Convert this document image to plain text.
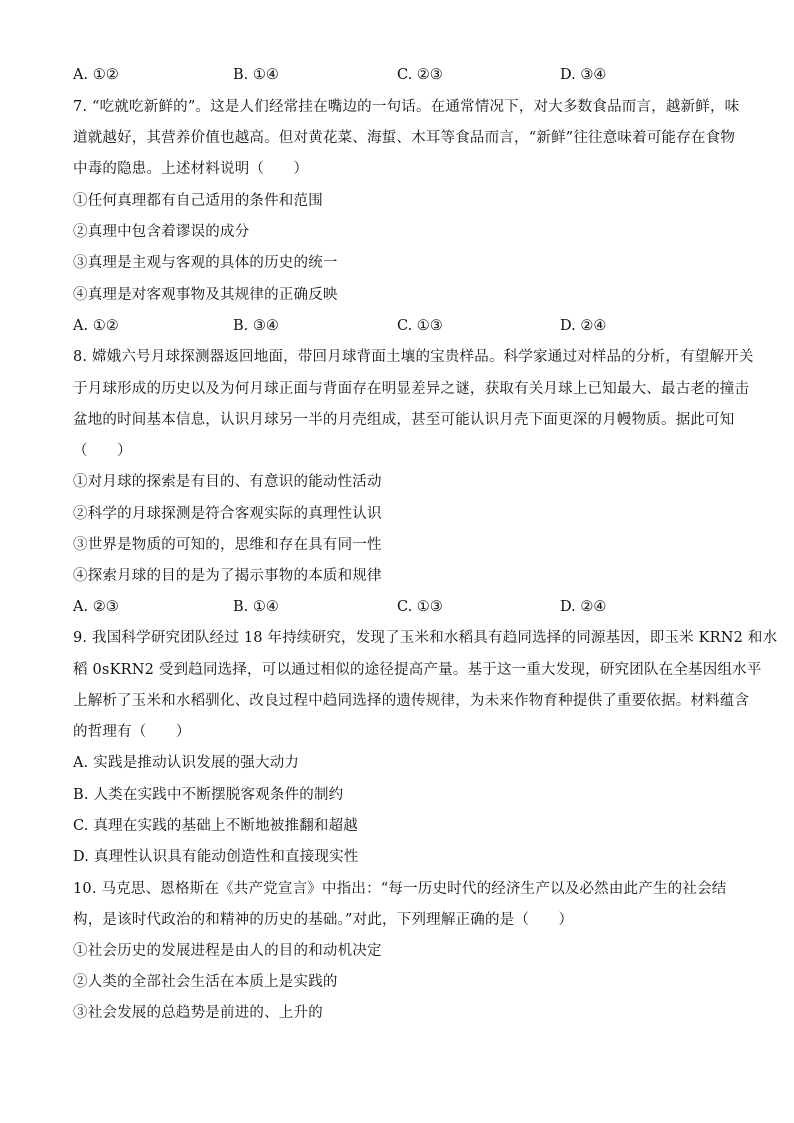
A. ①②	B. ①④	C. ②③	D. ③④
7. “吃就吃新鲜的”。这是人们经常挂在嘴边的一句话。在通常情况下，对大多数食品而言，越新鲜，味
道就越好，其营养价值也越高。但对黄花菜、海蜇、木耳等食品而言，“新鲜”往往意味着可能存在食物
中毒的隐患。上述材料说明（　　）
①任何真理都有自己适用的条件和范围
②真理中包含着谬误的成分
③真理是主观与客观的具体的历史的统一
④真理是对客观事物及其规律的正确反映
A. ①②	B. ③④	C. ①③	D. ②④
8. 嫦娥六号月球探测器返回地面，带回月球背面土壤的宝贵样品。科学家通过对样品的分析，有望解开关
于月球形成的历史以及为何月球正面与背面存在明显差异之谜，获取有关月球上已知最大、最古老的撞击
盆地的时间基本信息，认识月球另一半的月壳组成，甚至可能认识月壳下面更深的月幔物质。据此可知
（　　）
①对月球的探索是有目的、有意识的能动性活动
②科学的月球探测是符合客观实际的真理性认识
③世界是物质的可知的，思维和存在具有同一性
④探索月球的目的是为了揭示事物的本质和规律
A. ②③	B. ①④	C. ①③	D. ②④
9. 我国科学研究团队经过 18 年持续研究，发现了玉米和水稻具有趋同选择的同源基因，即玉米 KRN2 和水
稻 0sKRN2 受到趋同选择，可以通过相似的途径提高产量。基于这一重大发现，研究团队在全基因组水平
上解析了玉米和水稻驯化、改良过程中趋同选择的遗传规律，为未来作物育种提供了重要依据。材料蕴含
的哲理有（　　）
A. 实践是推动认识发展的强大动力
B. 人类在实践中不断摆脱客观条件的制约
C. 真理在实践的基础上不断地被推翻和超越
D. 真理性认识具有能动创造性和直接现实性
10. 马克思、恩格斯在《共产党宣言》中指出：“每一历史时代的经济生产以及必然由此产生的社会结
构，是该时代政治的和精神的历史的基础。”对此，下列理解正确的是（　　）
①社会历史的发展进程是由人的目的和动机决定
②人类的全部社会生活在本质上是实践的
③社会发展的总趋势是前进的、上升的
